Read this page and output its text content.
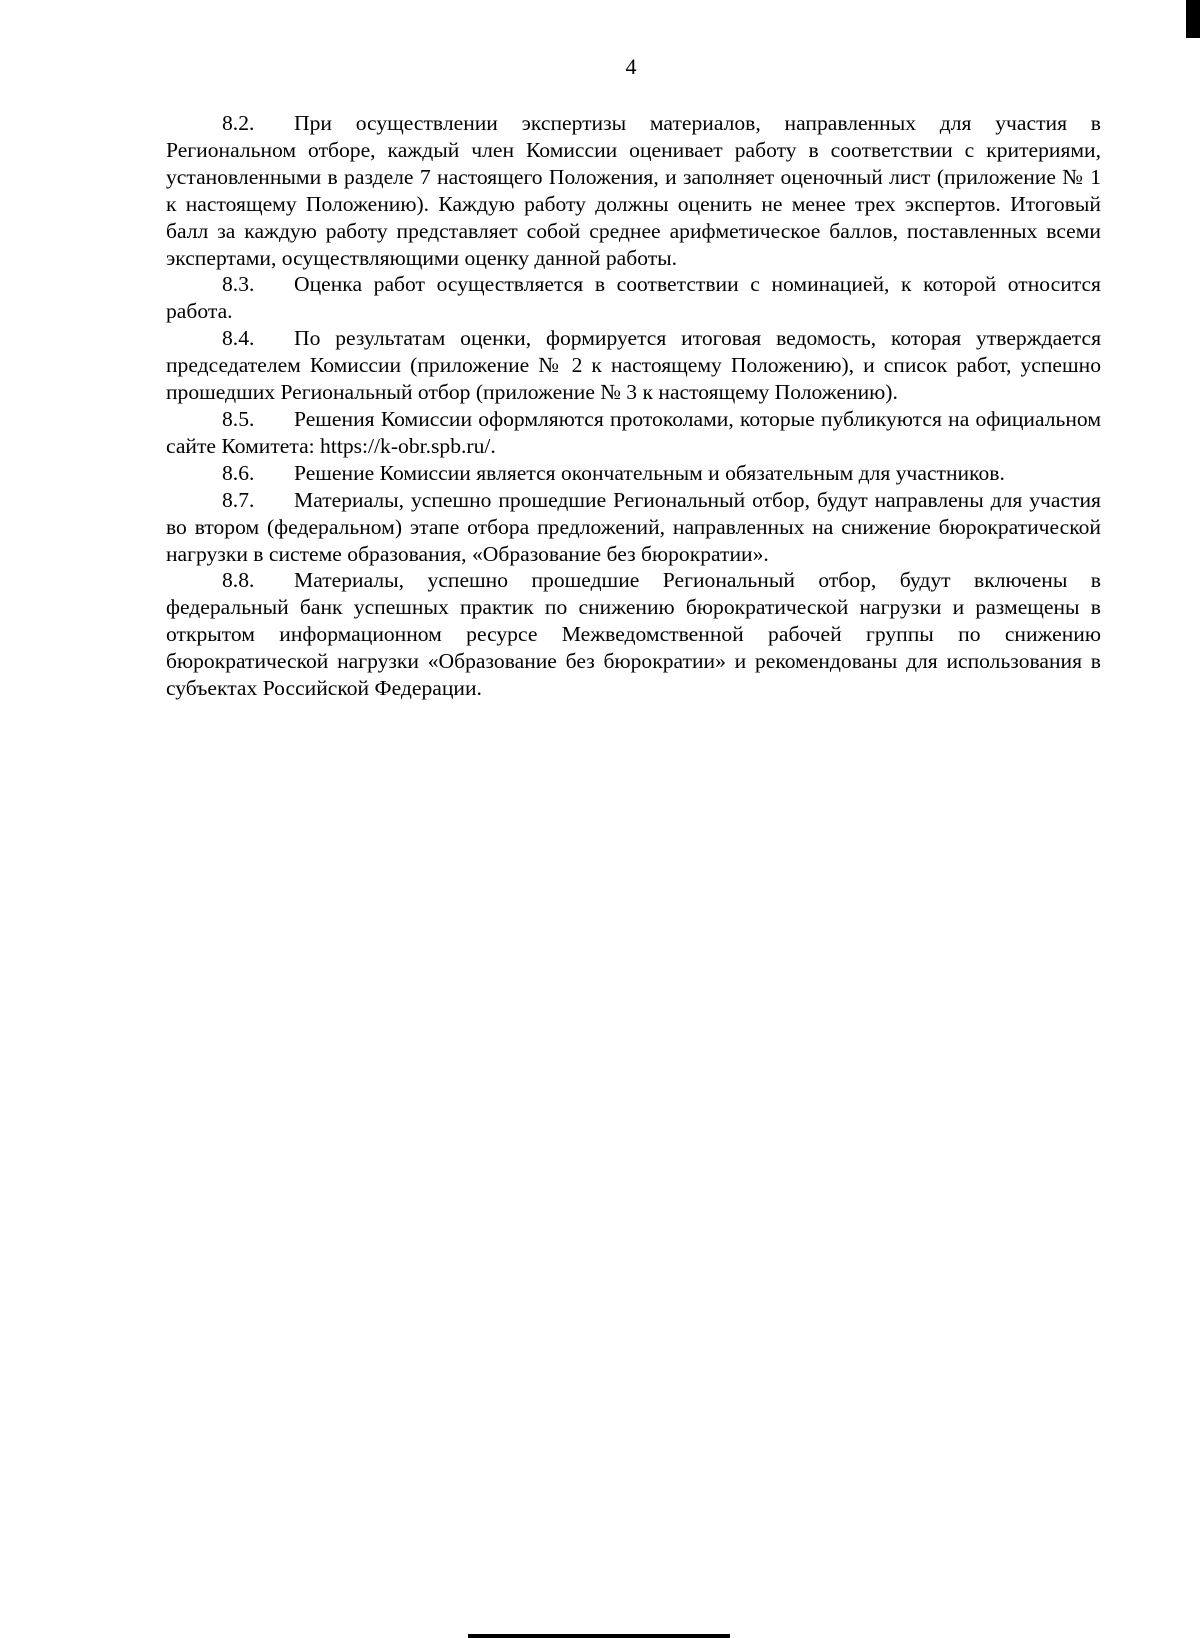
4

8.2. При осуществлении экспертизы материалов, направленных для участия в Региональном отборе, каждый член Комиссии оценивает работу в соответствии с критериями, установленными в разделе 7 настоящего Положения, и заполняет оценочный лист (приложение № 1 к настоящему Положению). Каждую работу должны оценить не менее трех экспертов. Итоговый балл за каждую работу представляет собой среднее арифметическое баллов, поставленных всеми экспертами, осуществляющими оценку данной работы.

8.3. Оценка работ осуществляется в соответствии с номинацией, к которой относится работа.

8.4. По результатам оценки, формируется итоговая ведомость, которая утверждается председателем Комиссии (приложение № 2 к настоящему Положению), и список работ, успешно прошедших Региональный отбор (приложение № 3 к настоящему Положению).

8.5. Решения Комиссии оформляются протоколами, которые публикуются на официальном сайте Комитета: https://k-obr.spb.ru/.

8.6. Решение Комиссии является окончательным и обязательным для участников.

8.7. Материалы, успешно прошедшие Региональный отбор, будут направлены для участия во втором (федеральном) этапе отбора предложений, направленных на снижение бюрократической нагрузки в системе образования, «Образование без бюрократии».

8.8. Материалы, успешно прошедшие Региональный отбор, будут включены в федеральный банк успешных практик по снижению бюрократической нагрузки и размещены в открытом информационном ресурсе Межведомственной рабочей группы по снижению бюрократической нагрузки «Образование без бюрократии» и рекомендованы для использования в субъектах Российской Федерации.
